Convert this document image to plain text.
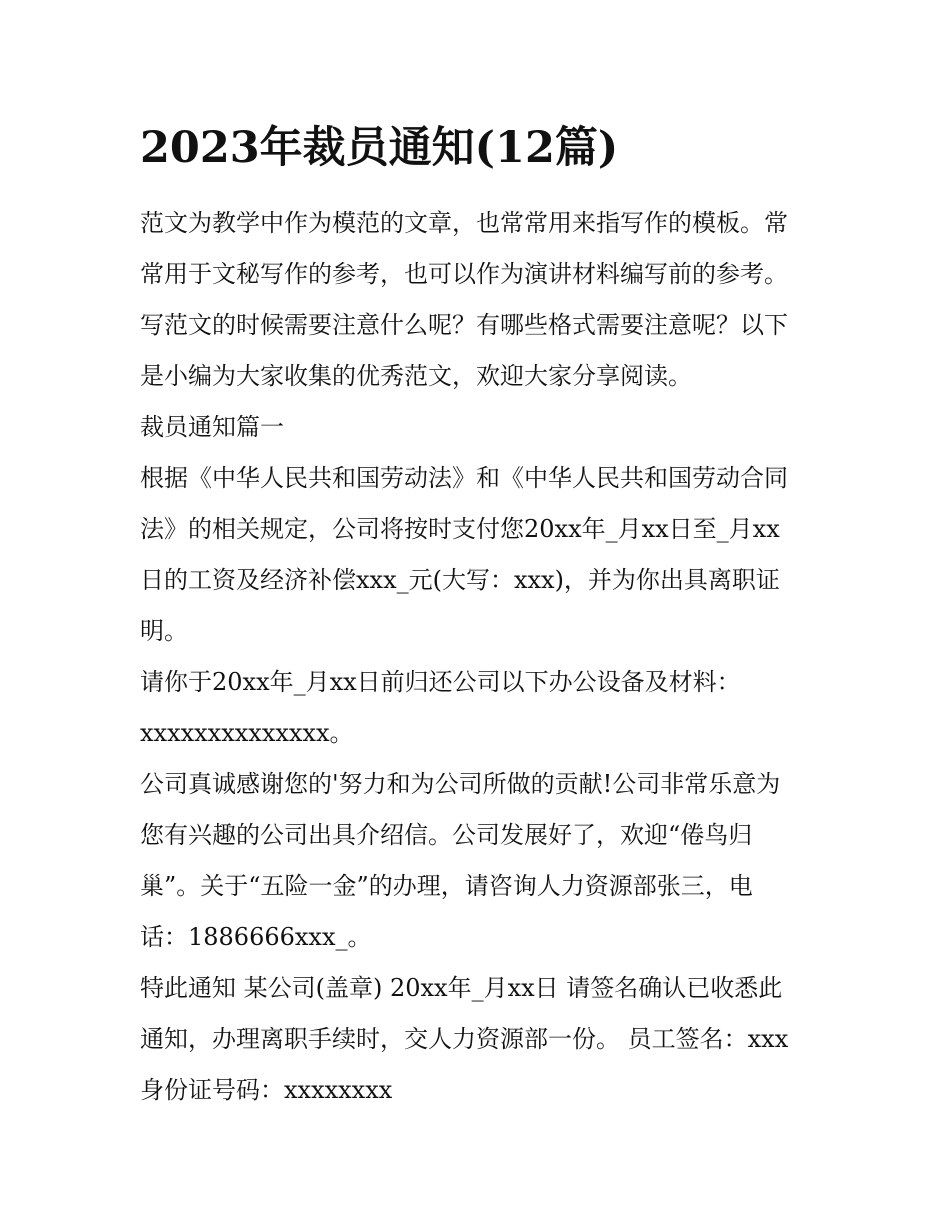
2023年裁员通知(12篇)

范文为教学中作为模范的文章，也常常用来指写作的模板。常
常用于文秘写作的参考，也可以作为演讲材料编写前的参考。
写范文的时候需要注意什么呢？有哪些格式需要注意呢？以下
是小编为大家收集的优秀范文，欢迎大家分享阅读。

裁员通知篇一

根据《中华人民共和国劳动法》和《中华人民共和国劳动合同
法》的相关规定，公司将按时支付您20xx年_月xx日至_月xx
日的工资及经济补偿xxx_元(大写：xxx)，并为你出具离职证
明。

请你于20xx年_月xx日前归还公司以下办公设备及材料：
xxxxxxxxxxxxxx。

公司真诚感谢您的'努力和为公司所做的贡献!公司非常乐意为
您有兴趣的公司出具介绍信。公司发展好了，欢迎“倦鸟归
巢”。关于“五险一金”的办理，请咨询人力资源部张三，电
话：1886666xxx_。

特此通知 某公司(盖章) 20xx年_月xx日 请签名确认已收悉此
通知，办理离职手续时，交人力资源部一份。 员工签名：xxx
身份证号码：xxxxxxxx
